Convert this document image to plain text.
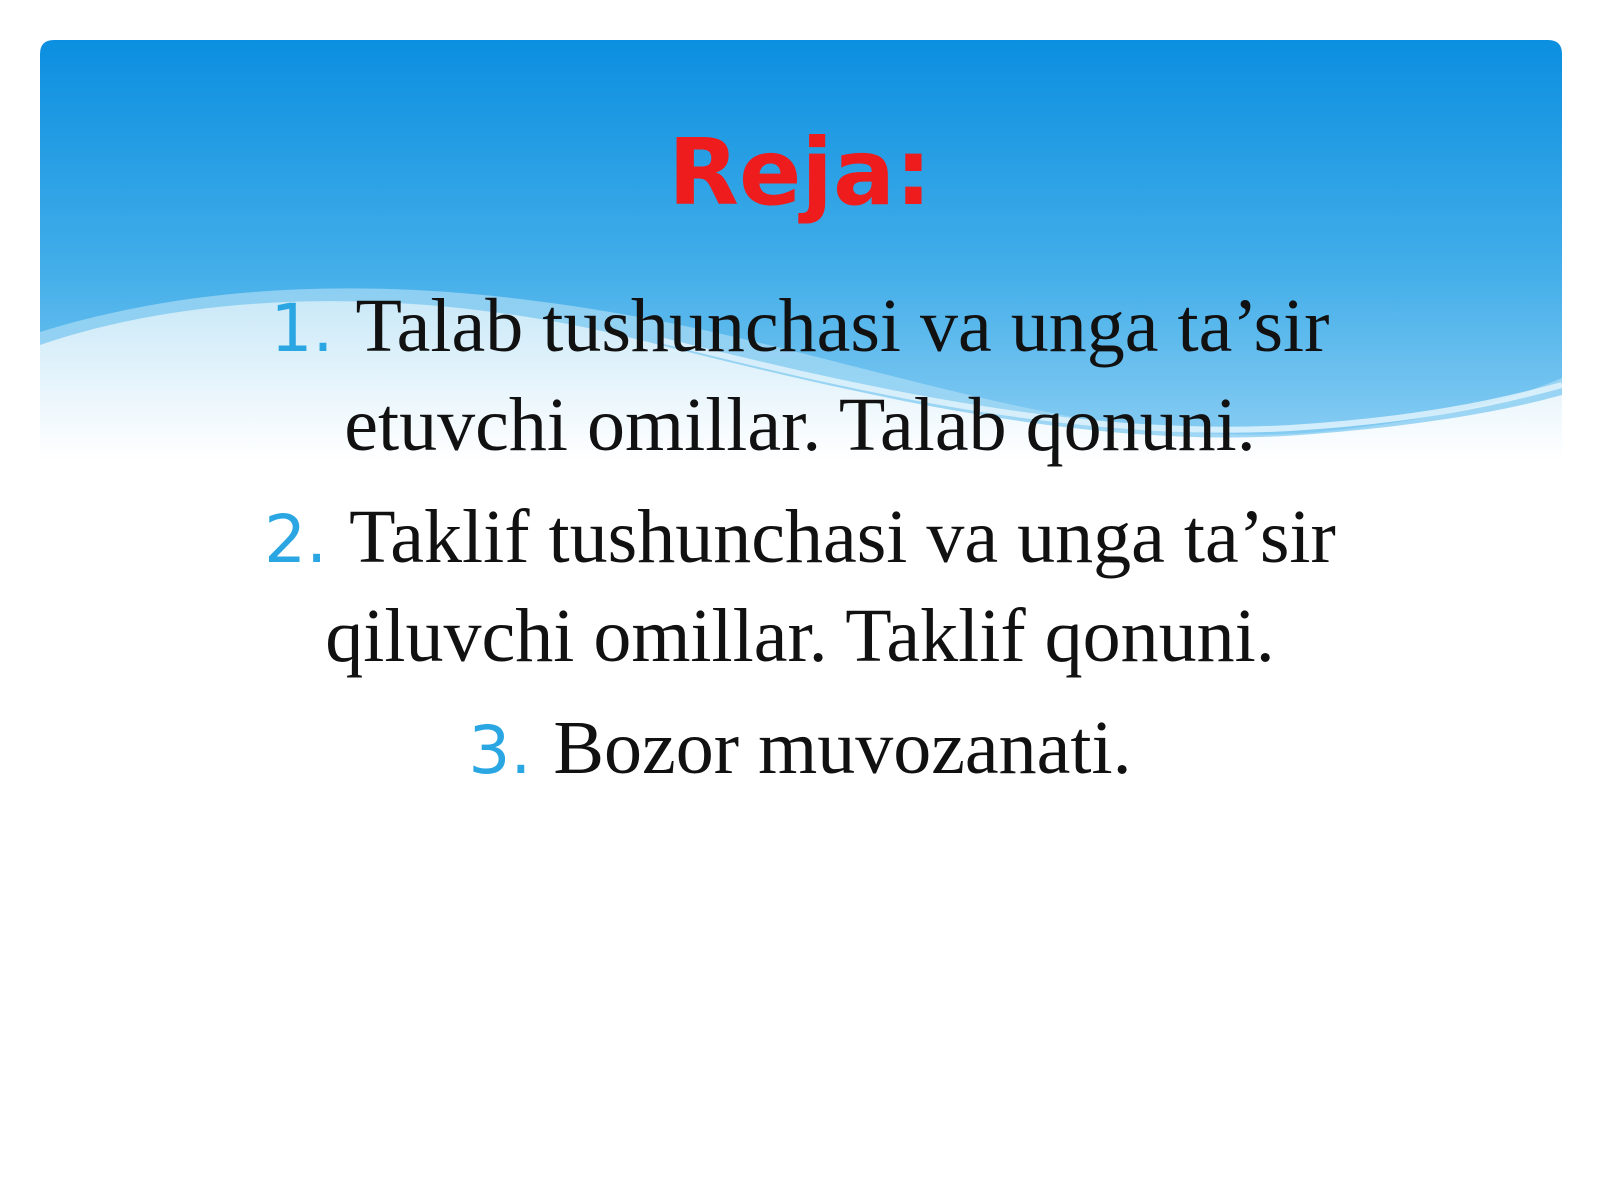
Reja:
1. Talab tushunchasi va unga ta’sir etuvchi omillar. Talab qonuni.
2. Taklif tushunchasi va unga ta’sir qiluvchi omillar. Taklif qonuni.
3. Bozor muvozanati.
